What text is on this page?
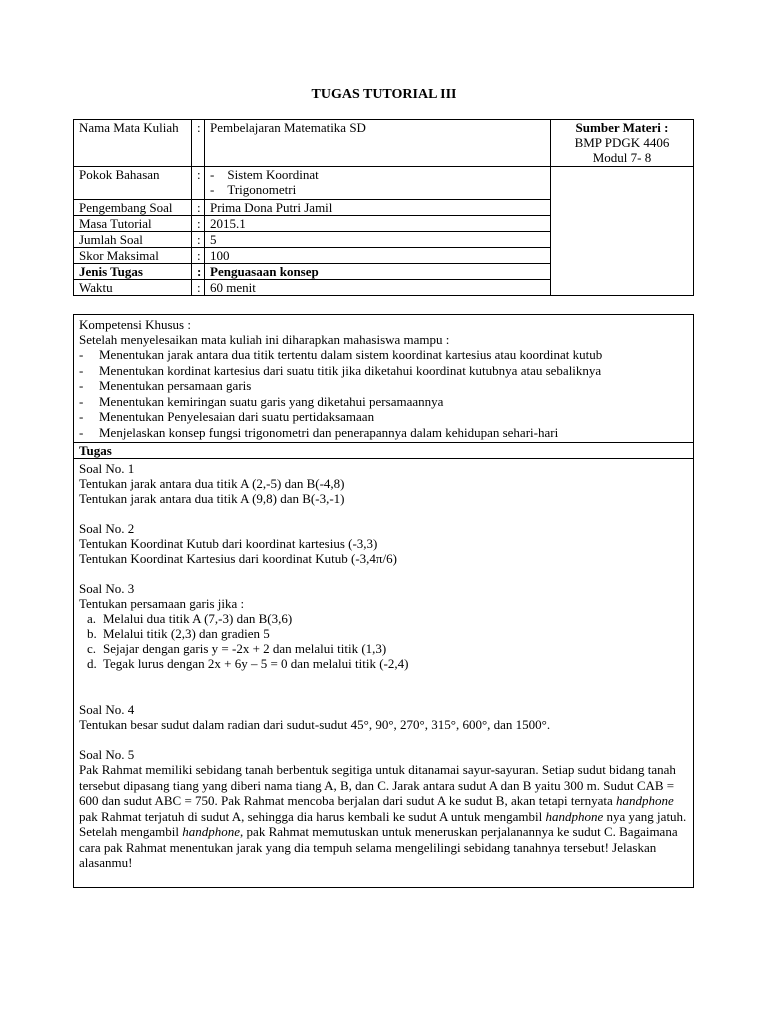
TUGAS TUTORIAL III
Nama Mata Kuliah	:	Pembelajaran Matematika SD	Sumber Materi :
BMP PDGK 4406
Modul 7- 8

Pokok Bahasan	:	-    Sistem Koordinat
-    Trigonometri	

Pengembang Soal	:	Prima Dona Putri Jamil	
Masa Tutorial	:	2015.1	
Jumlah Soal	:	5	
Skor Maksimal	:	100	
Jenis Tugas	:	Penguasaan konsep	
Waktu	:	60 menit	
Kompetensi Khusus :
Setelah menyelesaikan mata kuliah ini diharapkan mahasiswa mampu :
- Menentukan jarak antara dua titik tertentu dalam sistem koordinat kartesius atau koordinat kutub
- Menentukan kordinat kartesius dari suatu titik jika diketahui koordinat kutubnya atau sebaliknya
- Menentukan persamaan garis
- Menentukan kemiringan suatu garis yang diketahui persamaannya
- Menentukan Penyelesaian dari suatu pertidaksamaan
- Menjelaskan konsep fungsi trigonometri dan penerapannya dalam kehidupan sehari-hari

Tugas

Soal No. 1
Tentukan jarak antara dua titik A (2,-5) dan B(-4,8)
Tentukan jarak antara dua titik A (9,8) dan B(-3,-1)
Soal No. 2
Tentukan Koordinat Kutub dari koordinat kartesius (-3,3)
Tentukan Koordinat Kartesius dari koordinat Kutub (-3,4π/6)
Soal No. 3
Tentukan persamaan garis jika :
a. Melalui dua titik A (7,-3) dan B(3,6)
b. Melalui titik (2,3) dan gradien 5
c. Sejajar dengan garis y = -2x + 2 dan melalui titik (1,3)
d. Tegak lurus dengan 2x + 6y – 5 = 0 dan melalui titik (-2,4)
Soal No. 4
Tentukan besar sudut dalam radian dari sudut-sudut 45°, 90°, 270°, 315°, 600°, dan 1500°.
Soal No. 5
Pak Rahmat memiliki sebidang tanah berbentuk segitiga untuk ditanamai sayur-sayuran. Setiap sudut bidang tanah tersebut dipasang tiang yang diberi nama tiang A, B, dan C. Jarak antara sudut A dan B yaitu 300 m. Sudut CAB = 600 dan sudut ABC = 750. Pak Rahmat mencoba berjalan dari sudut A ke sudut B, akan tetapi ternyata handphone pak Rahmat terjatuh di sudut A, sehingga dia harus kembali ke sudut A untuk mengambil handphone nya yang jatuh. Setelah mengambil handphone, pak Rahmat memutuskan untuk meneruskan perjalanannya ke sudut C. Bagaimana cara pak Rahmat menentukan jarak yang dia tempuh selama mengelilingi sebidang tanahnya tersebut! Jelaskan alasanmu!
